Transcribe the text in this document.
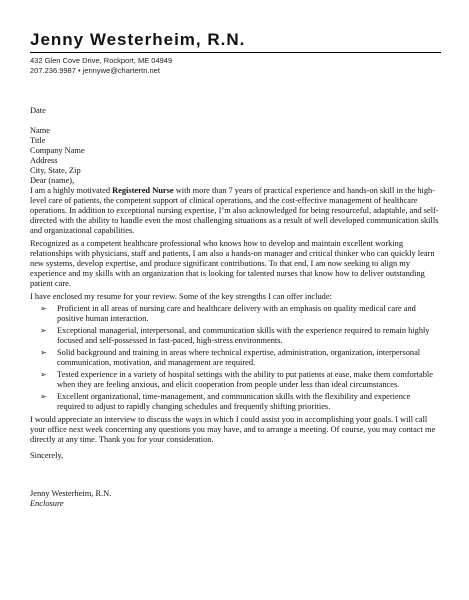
Jenny Westerheim, R.N.
432 Glen Cove Drive, Rockport, ME 04949
207.236.9987 • jennywe@chartertn.net

Date

Name

Title

Company Name

Address

City, State, Zip

Dear (name),

I am a highly motivated Registered Nurse with more than 7 years of practical experience and hands-on skill in the high-level care of patients, the competent support of clinical operations, and the cost-effective management of healthcare operations. In addition to exceptional nursing expertise, I’m also acknowledged for being resourceful, adaptable, and self-directed with the ability to handle even the most challenging situations as a result of well developed communication skills and organizational capabilities.

Recognized as a competent healthcare professional who knows how to develop and maintain excellent working relationships with physicians, staff and patients, I am also a hands-on manager and critical thinker who can quickly learn new systems, develop expertise, and produce significant contributions. To that end, I am now seeking to align my experience and my skills with an organization that is looking for talented nurses that know how to deliver outstanding patient care.

I have enclosed my resume for your review. Some of the key strengths I can offer include:

➢ Proficient in all areas of nursing care and healthcare delivery with an emphasis on quality medical care and positive human interaction.
➢ Exceptional managerial, interpersonal, and communication skills with the experience required to remain highly focused and self-possessed in fast-paced, high-stress environments.
➢ Solid background and training in areas where technical expertise, administration, organization, interpersonal communication, motivation, and management are required.
➢ Tested experience in a variety of hospital settings with the ability to put patients at ease, make them comfortable when they are feeling anxious, and elicit cooperation from people under less than ideal circumstances.
➢ Excellent organizational, time-management, and communication skills with the flexibility and experience required to adjust to rapidly changing schedules and frequently shifting priorities.

I would appreciate an interview to discuss the ways in which I could assist you in accomplishing your goals. I will call your office next week concerning any questions you may have, and to arrange a meeting. Of course, you may contact me directly at any time. Thank you for your consideration.

Sincerely,

Jenny Westerheim, R.N.

Enclosure
